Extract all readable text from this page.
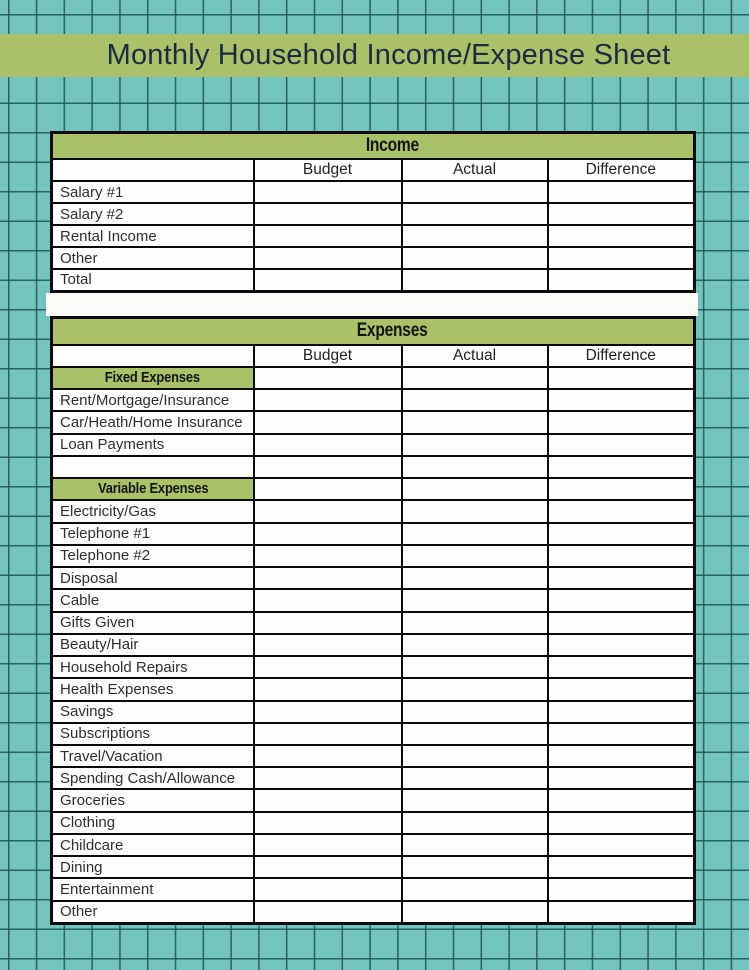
Monthly Household Income/Expense Sheet
Income			
	Budget	Actual	Difference
Salary #1			
Salary #2			
Rental Income			
Other			
Total			
Expenses			
	Budget	Actual	Difference
Fixed Expenses			
Rent/Mortgage/Insurance			
Car/Heath/Home Insurance			
Loan Payments			

Variable Expenses			
Electricity/Gas			
Telephone #1			
Telephone #2			
Disposal			
Cable			
Gifts Given			
Beauty/Hair			
Household Repairs			
Health Expenses			
Savings			
Subscriptions			
Travel/Vacation			
Spending Cash/Allowance			
Groceries			
Clothing			
Childcare			
Dining			
Entertainment			
Other			
